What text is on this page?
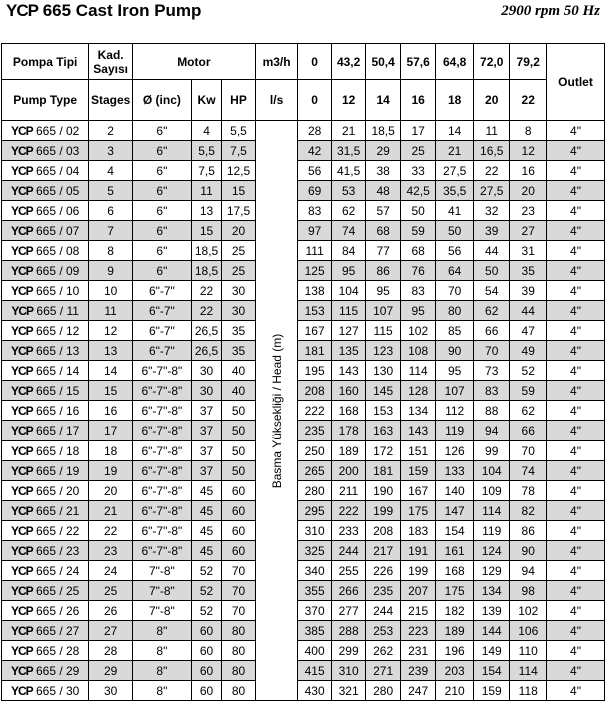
YCP 665 Cast Iron Pump	2900 rpm 50 Hz
Pompa Tipi	Kad. Sayısı	Motor			m3/h	0	43,2	50,4	57,6	64,8	72,0	79,2	Outlet
Pump Type	Stages	Ø (inc)	Kw	HP	l/s	0	12	14	16	18	20	22	
YCP 665 / 02	2	6"	4	5,5	Basma Yüksekliği / Head (m)	28	21	18,5	17	14	11	8	4"
YCP 665 / 03	3	6"	5,5	7,5		42	31,5	29	25	21	16,5	12	4"
YCP 665 / 04	4	6"	7,5	12,5		56	41,5	38	33	27,5	22	16	4"
YCP 665 / 05	5	6"	11	15		69	53	48	42,5	35,5	27,5	20	4"
YCP 665 / 06	6	6"	13	17,5		83	62	57	50	41	32	23	4"
YCP 665 / 07	7	6"	15	20		97	74	68	59	50	39	27	4"
YCP 665 / 08	8	6"	18,5	25		111	84	77	68	56	44	31	4"
YCP 665 / 09	9	6"	18,5	25		125	95	86	76	64	50	35	4"
YCP 665 / 10	10	6"-7"	22	30		138	104	95	83	70	54	39	4"
YCP 665 / 11	11	6"-7"	22	30		153	115	107	95	80	62	44	4"
YCP 665 / 12	12	6"-7"	26,5	35		167	127	115	102	85	66	47	4"
YCP 665 / 13	13	6"-7"	26,5	35		181	135	123	108	90	70	49	4"
YCP 665 / 14	14	6"-7"-8"	30	40		195	143	130	114	95	73	52	4"
YCP 665 / 15	15	6"-7"-8"	30	40		208	160	145	128	107	83	59	4"
YCP 665 / 16	16	6"-7"-8"	37	50		222	168	153	134	112	88	62	4"
YCP 665 / 17	17	6"-7"-8"	37	50		235	178	163	143	119	94	66	4"
YCP 665 / 18	18	6"-7"-8"	37	50		250	189	172	151	126	99	70	4"
YCP 665 / 19	19	6"-7"-8"	37	50		265	200	181	159	133	104	74	4"
YCP 665 / 20	20	6"-7"-8"	45	60		280	211	190	167	140	109	78	4"
YCP 665 / 21	21	6"-7"-8"	45	60		295	222	199	175	147	114	82	4"
YCP 665 / 22	22	6"-7"-8"	45	60		310	233	208	183	154	119	86	4"
YCP 665 / 23	23	6"-7"-8"	45	60		325	244	217	191	161	124	90	4"
YCP 665 / 24	24	7"-8"	52	70		340	255	226	199	168	129	94	4"
YCP 665 / 25	25	7"-8"	52	70		355	266	235	207	175	134	98	4"
YCP 665 / 26	26	7"-8"	52	70		370	277	244	215	182	139	102	4"
YCP 665 / 27	27	8"	60	80		385	288	253	223	189	144	106	4"
YCP 665 / 28	28	8"	60	80		400	299	262	231	196	149	110	4"
YCP 665 / 29	29	8"	60	80		415	310	271	239	203	154	114	4"
YCP 665 / 30	30	8"	60	80		430	321	280	247	210	159	118	4"
